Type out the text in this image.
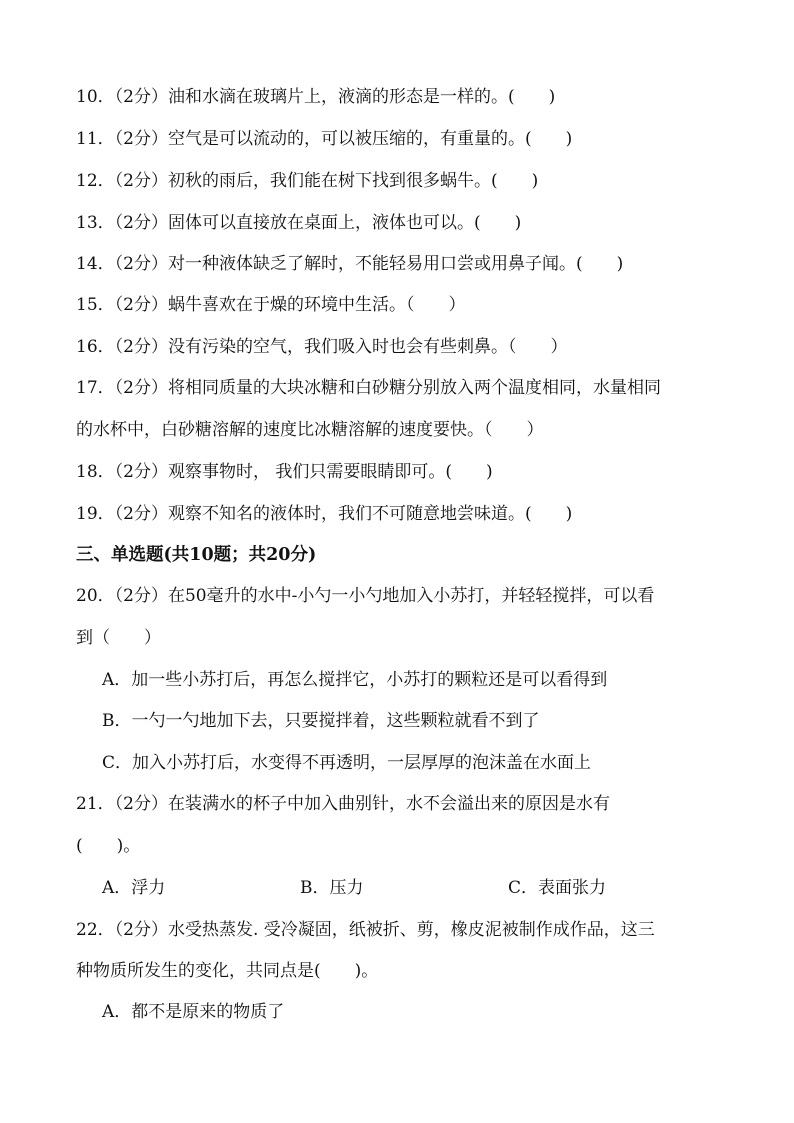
10．（2分）油和水滴在玻璃片上，液滴的形态是一样的。(　　)
11．（2分）空气是可以流动的，可以被压缩的，有重量的。(　　)
12．（2分）初秋的雨后，我们能在树下找到很多蜗牛。(　　)
13．（2分）固体可以直接放在桌面上，液体也可以。(　　)
14．（2分）对一种液体缺乏了解时，不能轻易用口尝或用鼻子闻。(　　)
15．（2分）蜗牛喜欢在于燥的环境中生活。（　　）
16．（2分）没有污染的空气，我们吸入时也会有些刺鼻。（　　）
17．（2分）将相同质量的大块冰糖和白砂糖分别放入两个温度相同，水量相同
的水杯中，白砂糖溶解的速度比冰糖溶解的速度要快。（　　）
18．（2分）观察事物时， 我们只需要眼睛即可。(　　)
19．（2分）观察不知名的液体时，我们不可随意地尝味道。(　　)
三、单选题(共10题；共20分)
20．（2分）在50毫升的水中-小勺一小勺地加入小苏打，并轻轻搅拌，可以看
到（　　）
A．加一些小苏打后，再怎么搅拌它，小苏打的颗粒还是可以看得到
B．一勺一勺地加下去，只要搅拌着，这些颗粒就看不到了
C．加入小苏打后，水变得不再透明，一层厚厚的泡沫盖在水面上
21．（2分）在装满水的杯子中加入曲别针，水不会溢出来的原因是水有
(　　)。
A．浮力	B．压力	C．表面张力
22．（2分）水受热蒸发. 受冷凝固，纸被折、剪，橡皮泥被制作成作品，这三
种物质所发生的变化，共同点是(　　)。
A．都不是原来的物质了
